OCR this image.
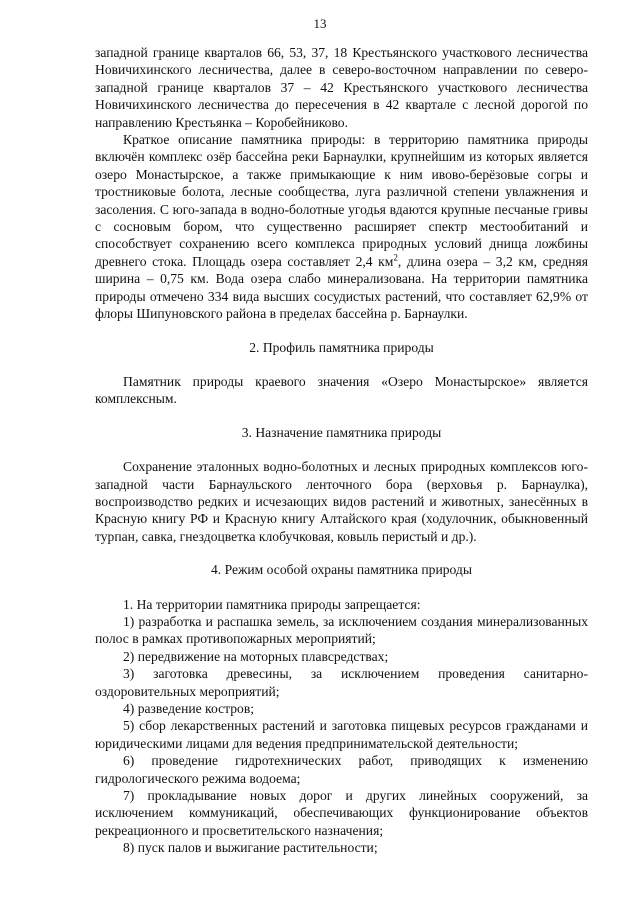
13

западной границе кварталов 66, 53, 37, 18 Крестьянского участкового лесничества Новичихинского лесничества, далее в северо-восточном направлении по северо-западной границе кварталов 37 – 42 Крестьянского участкового лесничества Новичихинского лесничества до пересечения в 42 квартале с лесной дорогой по направлению Крестьянка – Коробейниково.

Краткое описание памятника природы: в территорию памятника природы включён комплекс озёр бассейна реки Барнаулки, крупнейшим из которых является озеро Монастырское, а также примыкающие к ним ивово-берёзовые согры и тростниковые болота, лесные сообщества, луга различной степени увлажнения и засоления. С юго-запада в водно-болотные угодья вдаются крупные песчаные гривы с сосновым бором, что существенно расширяет спектр местообитаний и способствует сохранению всего комплекса природных условий днища ложбины древнего стока. Площадь озера составляет 2,4 $км^2$, длина озера – 3,2 км, средняя ширина – 0,75 км. Вода озера слабо минерализована. На территории памятника природы отмечено 334 вида высших сосудистых растений, что составляет 62,9% от флоры Шипуновского района в пределах бассейна р. Барнаулки.

2. Профиль памятника природы

Памятник природы краевого значения «Озеро Монастырское» является комплексным.

3. Назначение памятника природы

Сохранение эталонных водно-болотных и лесных природных комплексов юго-западной части Барнаульского ленточного бора (верховья р. Барнаулка), воспроизводство редких и исчезающих видов растений и животных, занесённых в Красную книгу РФ и Красную книгу Алтайского края (ходулочник, обыкновенный турпан, савка, гнездоцветка клобучковая, ковыль перистый и др.).

4. Режим особой охраны памятника природы

1. На территории памятника природы запрещается:

1) разработка и распашка земель, за исключением создания минерализованных полос в рамках противопожарных мероприятий;

2) передвижение на моторных плавсредствах;

3) заготовка древесины, за исключением проведения санитарно-оздоровительных мероприятий;

4) разведение костров;

5) сбор лекарственных растений и заготовка пищевых ресурсов гражданами и юридическими лицами для ведения предпринимательской деятельности;

6) проведение гидротехнических работ, приводящих к изменению гидрологического режима водоема;

7) прокладывание новых дорог и других линейных сооружений, за исключением коммуникаций, обеспечивающих функционирование объектов рекреационного и просветительского назначения;

8) пуск палов и выжигание растительности;
